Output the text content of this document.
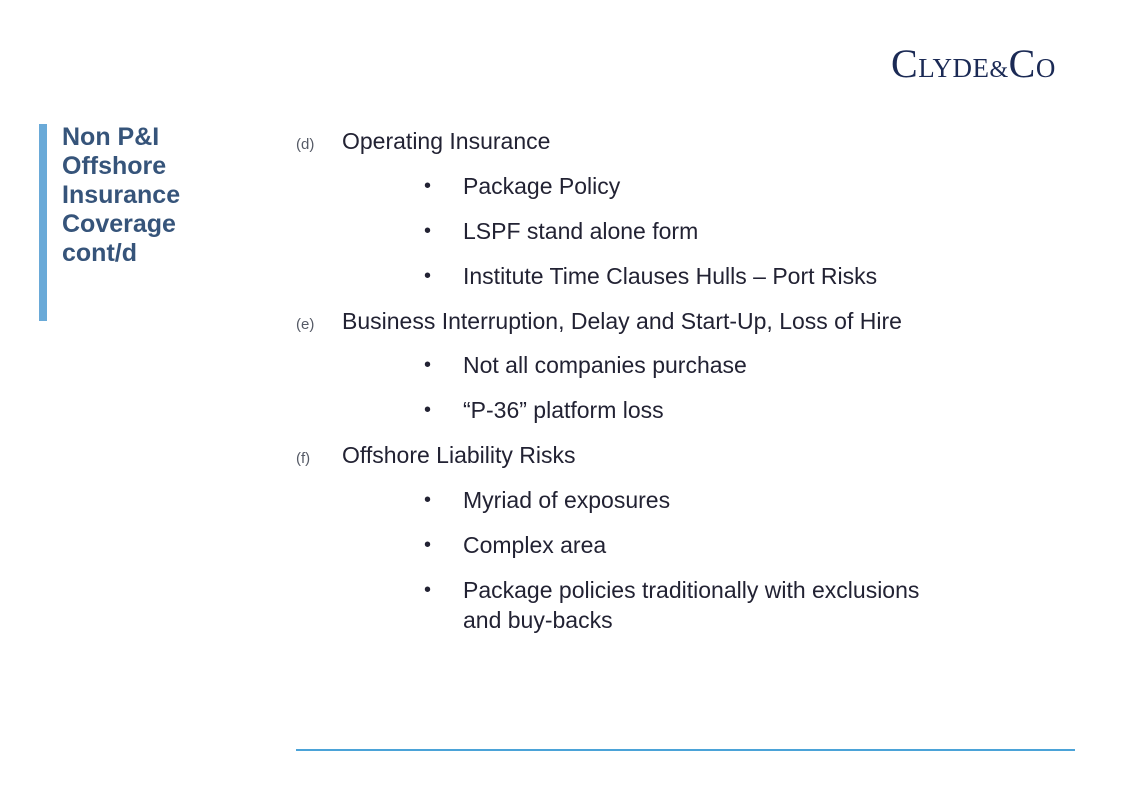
CLYDE&CO
Non P&I Offshore Insurance Coverage cont/d
(d) Operating Insurance
• Package Policy
• LSPF stand alone form
• Institute Time Clauses Hulls – Port Risks
(e) Business Interruption, Delay and Start-Up, Loss of Hire
• Not all companies purchase
• “P-36” platform loss
(f) Offshore Liability Risks
• Myriad of exposures
• Complex area
• Package policies traditionally with exclusions
and buy-backs
